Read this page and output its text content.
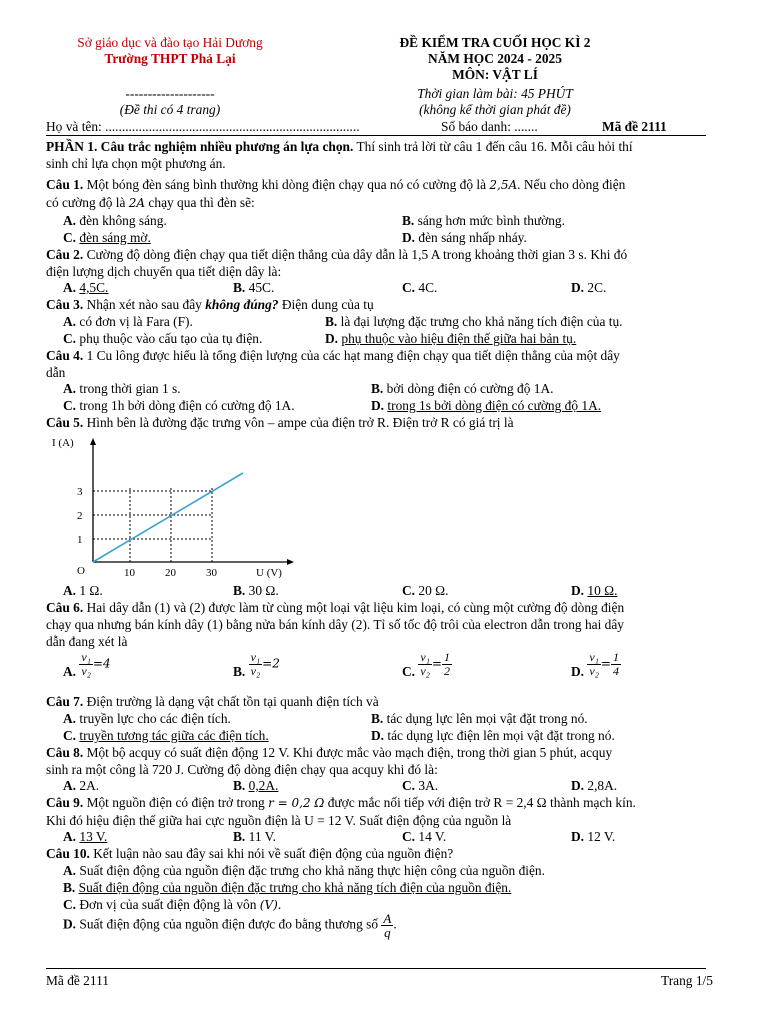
Sở giáo dục và đào tạo Hải Dương
Trường THPT Phả Lại
--------------------
(Đề thi có 4 trang)
ĐỀ KIỂM TRA CUỐI HỌC KÌ 2
NĂM HỌC 2024 - 2025
MÔN: VẬT LÍ
Thời gian làm bài: 45 PHÚT
(không kể thời gian phát đề)
Họ và tên: ............................................................................	Số báo danh: .......	Mã đề 2111
PHẦN 1. Câu trắc nghiệm nhiều phương án lựa chọn. Thí sinh trả lời từ câu 1 đến câu 16. Mỗi câu hỏi thí
sinh chỉ lựa chọn một phương án.
Câu 1. Một bóng đèn sáng bình thường khi dòng điện chạy qua nó có cường độ là 2,5A. Nếu cho dòng điện
có cường độ là 2A chạy qua thì đèn sẽ:
A. đèn không sáng.	B. sáng hơn mức bình thường.
C. đèn sáng mờ.	D. đèn sáng nhấp nháy.
Câu 2. Cường độ dòng điện chạy qua tiết diện thẳng của dây dẫn là 1,5 A trong khoảng thời gian 3 s. Khi đó
điện lượng dịch chuyển qua tiết diện dây là:
A. 4,5C.	B. 45C.	C. 4C.	D. 2C.
Câu 3. Nhận xét nào sau đây không đúng? Điện dung của tụ
A. có đơn vị là Fara (F).	B. là đại lượng đặc trưng cho khả năng tích điện của tụ.
C. phụ thuộc vào cấu tạo của tụ điện.	D. phụ thuộc vào hiệu điện thế giữa hai bản tụ.
Câu 4. 1 Cu lông được hiểu là tổng điện lượng của các hạt mang điện chạy qua tiết diện thẳng của một dây
dẫn
A. trong thời gian 1 s.	B. bởi dòng điện có cường độ 1A.
C. trong 1h bởi dòng điện có cường độ 1A.	D. trong 1s bởi dòng điện có cường độ 1A.
Câu 5. Hình bên là đường đặc trưng vôn – ampe của điện trở R. Điện trở R có giá trị là
I (A)
O	10	20	30	U (V)
1
2
3
A. 1 Ω.	B. 30 Ω.	C. 20 Ω.	D. 10 Ω.
Câu 6. Hai dây dẫn (1) và (2) được làm từ cùng một loại vật liệu kim loại, có cùng một cường độ dòng điện
chạy qua nhưng bán kính dây (1) bằng nửa bán kính dây (2). Tỉ số tốc độ trôi của electron dẫn trong hai dây
dẫn đang xét là
A. $\frac{\text{v₁}}{\text{v₂}} =4$	B. $\frac{\text{v₁}}{\text{v₂}} =2$	C. $\frac{\text{v₁}}{\text{v₂}} = \frac{1}{2}$	D. $\frac{\text{v₁}}{\text{v₂}} = \frac{1}{4}$
Câu 7. Điện trường là dạng vật chất tồn tại quanh điện tích và
A. truyền lực cho các điện tích.	B. tác dụng lực lên mọi vật đặt trong nó.
C. truyền tương tác giữa các điện tích.	D. tác dụng lực điện lên mọi vật đặt trong nó.
Câu 8. Một bộ acquy có suất điện động 12 V. Khi được mắc vào mạch điện, trong thời gian 5 phút, acquy
sinh ra một công là 720 J. Cường độ dòng điện chạy qua acquy khi đó là:
A. 2A.	B. 0,2A.	C. 3A.	D. 2,8A.
Câu 9. Một nguồn điện có điện trở trong r = 0,2 Ω được mắc nối tiếp với điện trở R = 2,4 Ω thành mạch kín.
Khi đó hiệu điện thế giữa hai cực nguồn điện là U = 12 V. Suất điện động của nguồn là
A. 13 V.	B. 11 V.	C. 14 V.	D. 12 V.
Câu 10. Kết luận nào sau đây sai khi nói về suất điện động của nguồn điện?
A. Suất điện động của nguồn điện đặc trưng cho khả năng thực hiện công của nguồn điện.
B. Suất điện động của nguồn điện đặc trưng cho khả năng tích điện của nguồn điện.
C. Đơn vị của suất điện động là vôn (V).
D. Suất điện động của nguồn điện được đo bằng thương số $\frac{A}{q}$ .
Mã đề 2111	Trang 1/5
